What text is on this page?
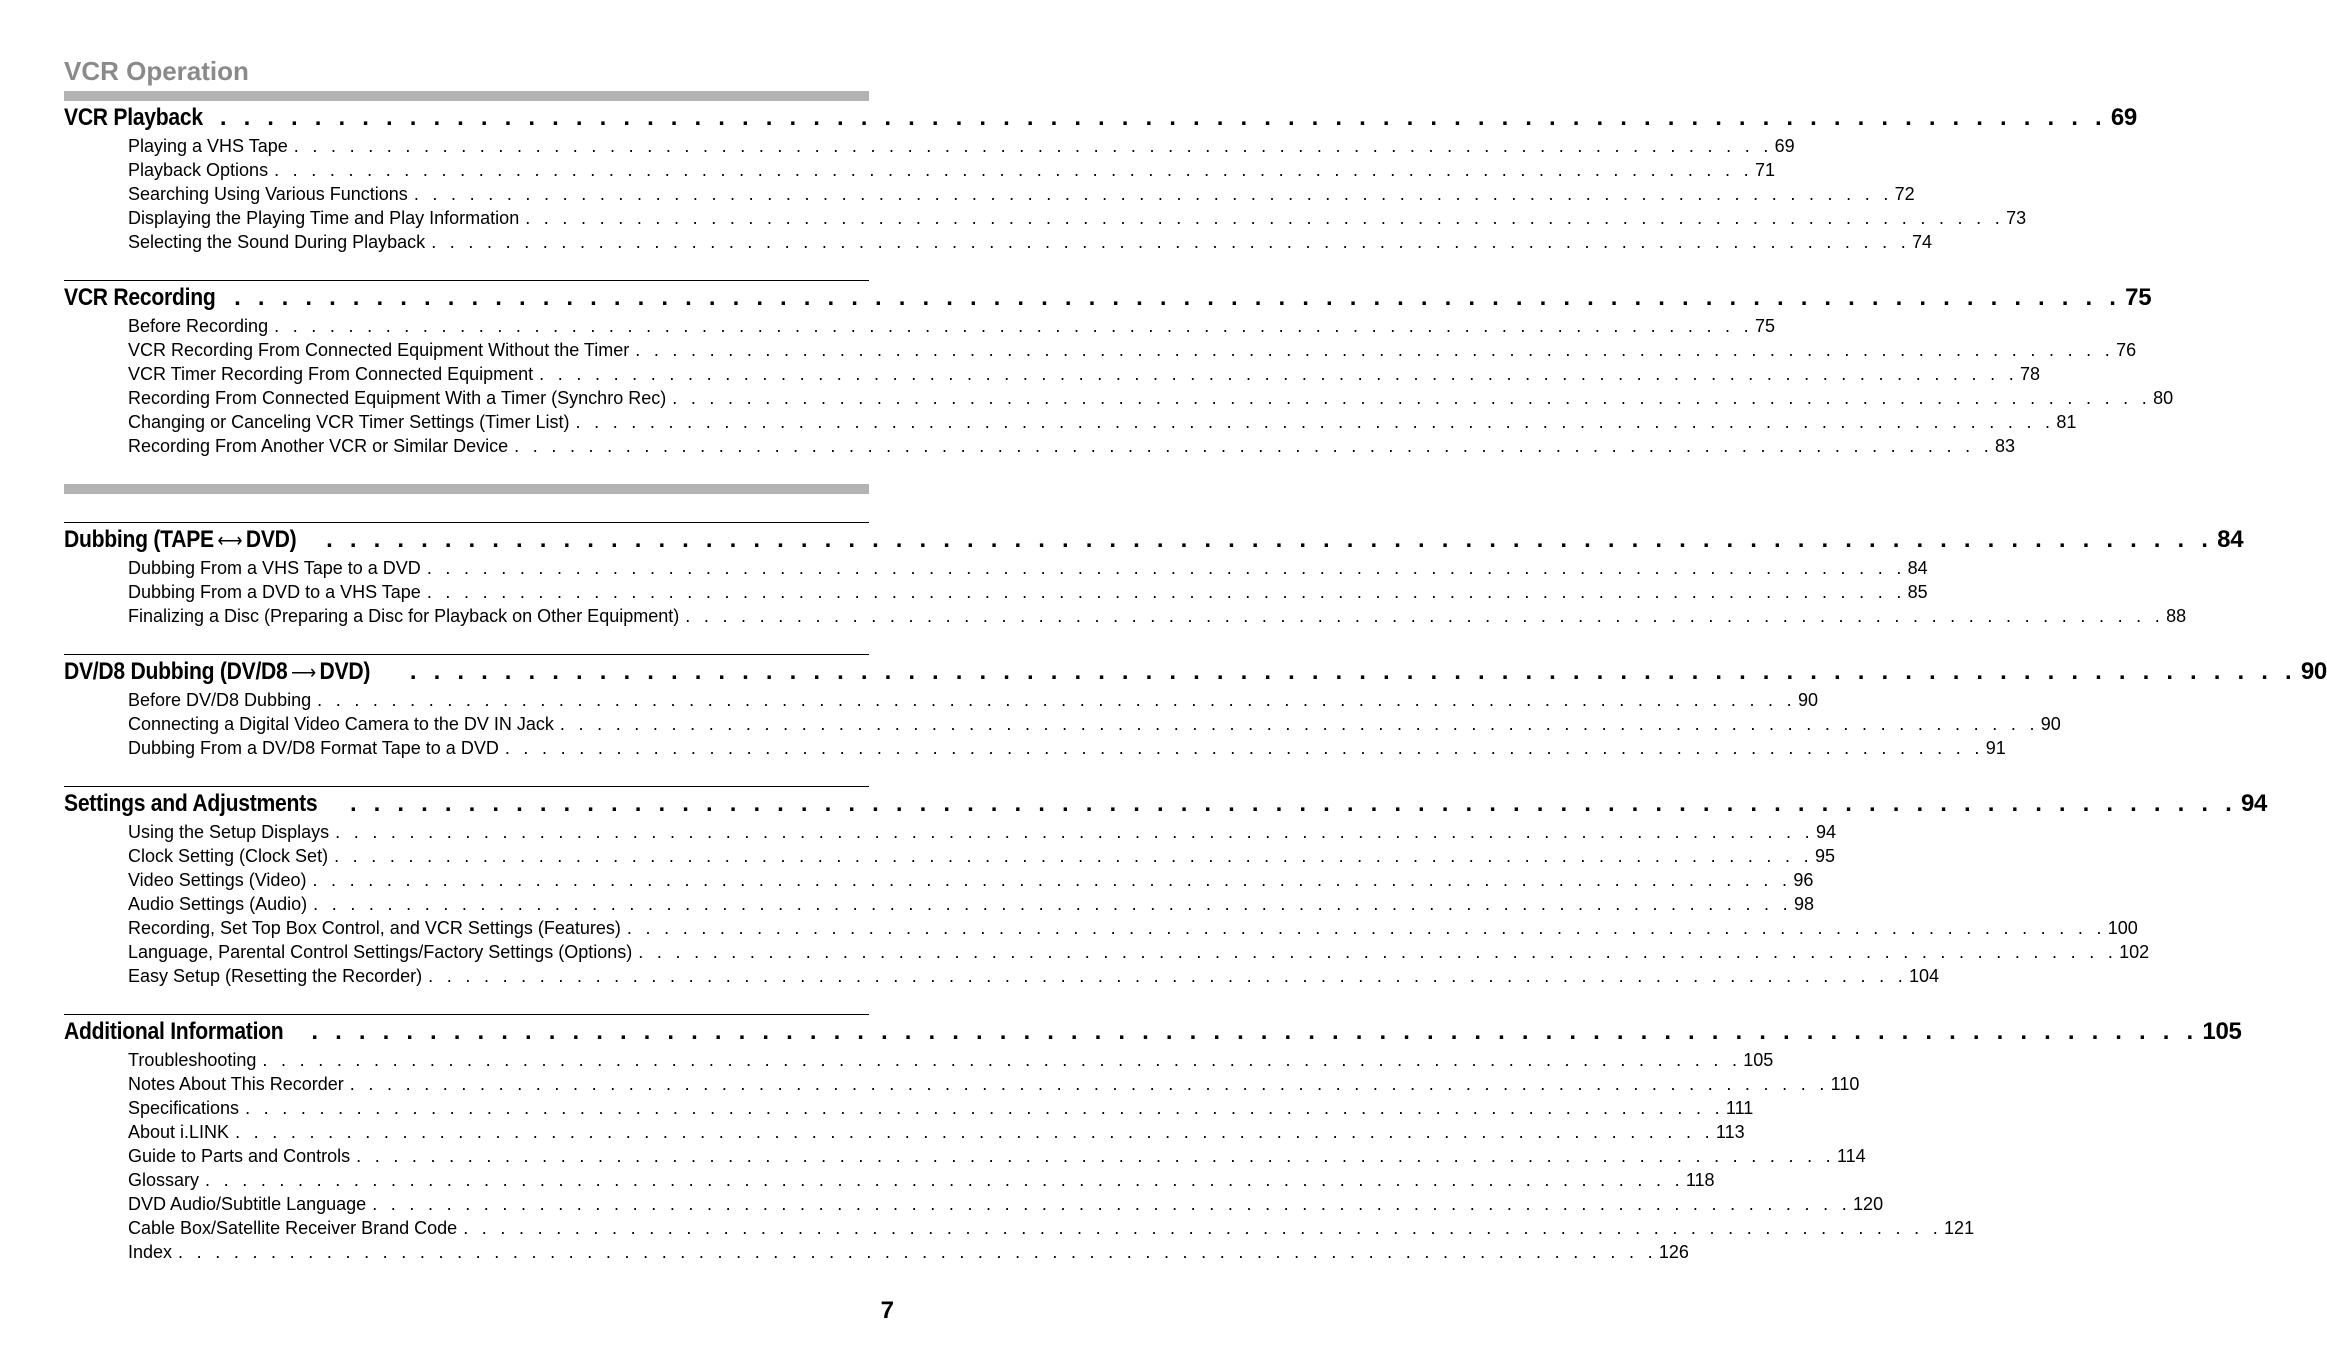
VCR Operation
VCR Playback . . . . . . . . . . . . . . . . . . . . . . . . . . . . . . . . . . . . . . . . . . . . . . . . . . . . . . . . . . . . . . . . . . . . . . . . . . . . . . . . 69
Playing a VHS Tape . . . . . . . . . . . . . . . . . . . . . . . . . . . . . . . . . . . . . . . . . . . . . . . . . . . . . . . . . . . . . . . . . . . . . . . . . . . . . . . . 69
Playback Options . . . . . . . . . . . . . . . . . . . . . . . . . . . . . . . . . . . . . . . . . . . . . . . . . . . . . . . . . . . . . . . . . . . . . . . . . . . . . . . . 71
Searching Using Various Functions . . . . . . . . . . . . . . . . . . . . . . . . . . . . . . . . . . . . . . . . . . . . . . . . . . . . . . . . . . . . . . . . . . . . . . . . . . . . . . . . 72
Displaying the Playing Time and Play Information . . . . . . . . . . . . . . . . . . . . . . . . . . . . . . . . . . . . . . . . . . . . . . . . . . . . . . . . . . . . . . . . . . . . . . . . . . . . . . . . 73
Selecting the Sound During Playback . . . . . . . . . . . . . . . . . . . . . . . . . . . . . . . . . . . . . . . . . . . . . . . . . . . . . . . . . . . . . . . . . . . . . . . . . . . . . . . . 74
VCR Recording . . . . . . . . . . . . . . . . . . . . . . . . . . . . . . . . . . . . . . . . . . . . . . . . . . . . . . . . . . . . . . . . . . . . . . . . . . . . . . . . 75
Before Recording . . . . . . . . . . . . . . . . . . . . . . . . . . . . . . . . . . . . . . . . . . . . . . . . . . . . . . . . . . . . . . . . . . . . . . . . . . . . . . . . 75
VCR Recording From Connected Equipment Without the Timer . . . . . . . . . . . . . . . . . . . . . . . . . . . . . . . . . . . . . . . . . . . . . . . . . . . . . . . . . . . . . . . . . . . . . . . . . . . . . . . . 76
VCR Timer Recording From Connected Equipment . . . . . . . . . . . . . . . . . . . . . . . . . . . . . . . . . . . . . . . . . . . . . . . . . . . . . . . . . . . . . . . . . . . . . . . . . . . . . . . . 78
Recording From Connected Equipment With a Timer (Synchro Rec) . . . . . . . . . . . . . . . . . . . . . . . . . . . . . . . . . . . . . . . . . . . . . . . . . . . . . . . . . . . . . . . . . . . . . . . . . . . . . . . . 80
Changing or Canceling VCR Timer Settings (Timer List) . . . . . . . . . . . . . . . . . . . . . . . . . . . . . . . . . . . . . . . . . . . . . . . . . . . . . . . . . . . . . . . . . . . . . . . . . . . . . . . . 81
Recording From Another VCR or Similar Device . . . . . . . . . . . . . . . . . . . . . . . . . . . . . . . . . . . . . . . . . . . . . . . . . . . . . . . . . . . . . . . . . . . . . . . . . . . . . . . . 83
Dubbing (TAPE ⟷ DVD)	. . . . . . . . . . . . . . . . . . . . . . . . . . . . . . . . . . . . . . . . . . . . . . . . . . . . . . . . . . . . . . . . . . . . . . . . . . . . . . . . 84
Dubbing From a VHS Tape to a DVD . . . . . . . . . . . . . . . . . . . . . . . . . . . . . . . . . . . . . . . . . . . . . . . . . . . . . . . . . . . . . . . . . . . . . . . . . . . . . . . . 84
Dubbing From a DVD to a VHS Tape . . . . . . . . . . . . . . . . . . . . . . . . . . . . . . . . . . . . . . . . . . . . . . . . . . . . . . . . . . . . . . . . . . . . . . . . . . . . . . . . 85
Finalizing a Disc (Preparing a Disc for Playback on Other Equipment) . . . . . . . . . . . . . . . . . . . . . . . . . . . . . . . . . . . . . . . . . . . . . . . . . . . . . . . . . . . . . . . . . . . . . . . . . . . . . . . . 88
DV/D8 Dubbing (DV/D8 ⟶ DVD)	. . . . . . . . . . . . . . . . . . . . . . . . . . . . . . . . . . . . . . . . . . . . . . . . . . . . . . . . . . . . . . . . . . . . . . . . . . . . . . . . 90
Before DV/D8 Dubbing . . . . . . . . . . . . . . . . . . . . . . . . . . . . . . . . . . . . . . . . . . . . . . . . . . . . . . . . . . . . . . . . . . . . . . . . . . . . . . . . 90
Connecting a Digital Video Camera to the DV IN Jack . . . . . . . . . . . . . . . . . . . . . . . . . . . . . . . . . . . . . . . . . . . . . . . . . . . . . . . . . . . . . . . . . . . . . . . . . . . . . . . . 90
Dubbing From a DV/D8 Format Tape to a DVD . . . . . . . . . . . . . . . . . . . . . . . . . . . . . . . . . . . . . . . . . . . . . . . . . . . . . . . . . . . . . . . . . . . . . . . . . . . . . . . . 91
Settings and Adjustments	. . . . . . . . . . . . . . . . . . . . . . . . . . . . . . . . . . . . . . . . . . . . . . . . . . . . . . . . . . . . . . . . . . . . . . . . . . . . . . . . 94
Using the Setup Displays . . . . . . . . . . . . . . . . . . . . . . . . . . . . . . . . . . . . . . . . . . . . . . . . . . . . . . . . . . . . . . . . . . . . . . . . . . . . . . . . 94
Clock Setting (Clock Set) . . . . . . . . . . . . . . . . . . . . . . . . . . . . . . . . . . . . . . . . . . . . . . . . . . . . . . . . . . . . . . . . . . . . . . . . . . . . . . . . 95
Video Settings (Video) . . . . . . . . . . . . . . . . . . . . . . . . . . . . . . . . . . . . . . . . . . . . . . . . . . . . . . . . . . . . . . . . . . . . . . . . . . . . . . . . 96
Audio Settings (Audio) . . . . . . . . . . . . . . . . . . . . . . . . . . . . . . . . . . . . . . . . . . . . . . . . . . . . . . . . . . . . . . . . . . . . . . . . . . . . . . . . 98
Recording, Set Top Box Control, and VCR Settings (Features) . . . . . . . . . . . . . . . . . . . . . . . . . . . . . . . . . . . . . . . . . . . . . . . . . . . . . . . . . . . . . . . . . . . . . . . . . . . . . . . . 100
Language, Parental Control Settings/Factory Settings (Options) . . . . . . . . . . . . . . . . . . . . . . . . . . . . . . . . . . . . . . . . . . . . . . . . . . . . . . . . . . . . . . . . . . . . . . . . . . . . . . . . 102
Easy Setup (Resetting the Recorder) . . . . . . . . . . . . . . . . . . . . . . . . . . . . . . . . . . . . . . . . . . . . . . . . . . . . . . . . . . . . . . . . . . . . . . . . . . . . . . . . 104
Additional Information	. . . . . . . . . . . . . . . . . . . . . . . . . . . . . . . . . . . . . . . . . . . . . . . . . . . . . . . . . . . . . . . . . . . . . . . . . . . . . . . . 105
Troubleshooting . . . . . . . . . . . . . . . . . . . . . . . . . . . . . . . . . . . . . . . . . . . . . . . . . . . . . . . . . . . . . . . . . . . . . . . . . . . . . . . . 105
Notes About This Recorder . . . . . . . . . . . . . . . . . . . . . . . . . . . . . . . . . . . . . . . . . . . . . . . . . . . . . . . . . . . . . . . . . . . . . . . . . . . . . . . . 110
Specifications . . . . . . . . . . . . . . . . . . . . . . . . . . . . . . . . . . . . . . . . . . . . . . . . . . . . . . . . . . . . . . . . . . . . . . . . . . . . . . . . 111
About i.LINK . . . . . . . . . . . . . . . . . . . . . . . . . . . . . . . . . . . . . . . . . . . . . . . . . . . . . . . . . . . . . . . . . . . . . . . . . . . . . . . . 113
Guide to Parts and Controls . . . . . . . . . . . . . . . . . . . . . . . . . . . . . . . . . . . . . . . . . . . . . . . . . . . . . . . . . . . . . . . . . . . . . . . . . . . . . . . . 114
Glossary . . . . . . . . . . . . . . . . . . . . . . . . . . . . . . . . . . . . . . . . . . . . . . . . . . . . . . . . . . . . . . . . . . . . . . . . . . . . . . . . 118
DVD Audio/Subtitle Language . . . . . . . . . . . . . . . . . . . . . . . . . . . . . . . . . . . . . . . . . . . . . . . . . . . . . . . . . . . . . . . . . . . . . . . . . . . . . . . . 120
Cable Box/Satellite Receiver Brand Code . . . . . . . . . . . . . . . . . . . . . . . . . . . . . . . . . . . . . . . . . . . . . . . . . . . . . . . . . . . . . . . . . . . . . . . . . . . . . . . . 121
Index . . . . . . . . . . . . . . . . . . . . . . . . . . . . . . . . . . . . . . . . . . . . . . . . . . . . . . . . . . . . . . . . . . . . . . . . . . . . . . . . 126
7
